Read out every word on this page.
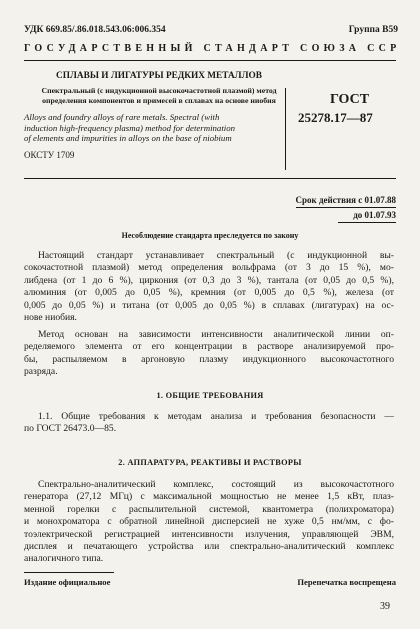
УДК 669.85/.86.018.543.06:006.354	Группа В59
ГОСУДАРСТВЕННЫЙ СТАНДАРТ СОЮЗА ССР
СПЛАВЫ И ЛИГАТУРЫ РЕДКИХ МЕТАЛЛОВ
Спектральный (с индукционной высокочастотной плазмой) метод определения компонентов и примесей в сплавах на основе ниобия
Alloys and foundry alloys of rare metals. Spectral (with
induction high-frequency plasma) method for determination
of elements and impurities in alloys on the base of niobium
ОКСТУ 1709
ГОСТ
25278.17—87
Срок действия с 01.07.88
до 01.07.93
Несоблюдение стандарта преследуется по закону
Настоящий стандарт устанавливает спектральный (с индукционной вы-
сокочастотной плазмой) метод определения вольфрама (от 3 до 15 %), мо-
либдена (от 1 до 6 %), циркония (от 0,3 до 3 %), тантала (от 0,05 до 0,5 %),
алюминия (от 0,005 до 0,05 %), кремния (от 0,005 до 0,5 %), железа (от
0,005 до 0,05 %) и титана (от 0,005 до 0,05 %) в сплавах (лигатурах) на ос-
нове ниобия.
Метод основан на зависимости интенсивности аналитической линии оп-
ределяемого элемента от его концентрации в растворе анализируемой про-
бы, распыляемом в аргоновую плазму индукционного высокочастотного
разряда.
1. ОБЩИЕ ТРЕБОВАНИЯ
1.1. Общие требования к методам анализа и требования безопасности —
по ГОСТ 26473.0—85.
2. АППАРАТУРА, РЕАКТИВЫ И РАСТВОРЫ
Спектрально-аналитический комплекс, состоящий из высокочастотного
генератора (27,12 МГц) с максимальной мощностью не менее 1,5 кВт, плаз-
менной горелки с распылительной системой, квантометра (полихроматора)
и монохроматора с обратной линейной дисперсией не хуже 0,5 нм/мм, с фо-
тоэлектрической регистрацией интенсивности излучения, управляющей ЭВМ,
дисплея и печатающего устройства или спектрально-аналитический комплекс
аналогичного типа.
Издание официальное	Перепечатка воспрещена
39
